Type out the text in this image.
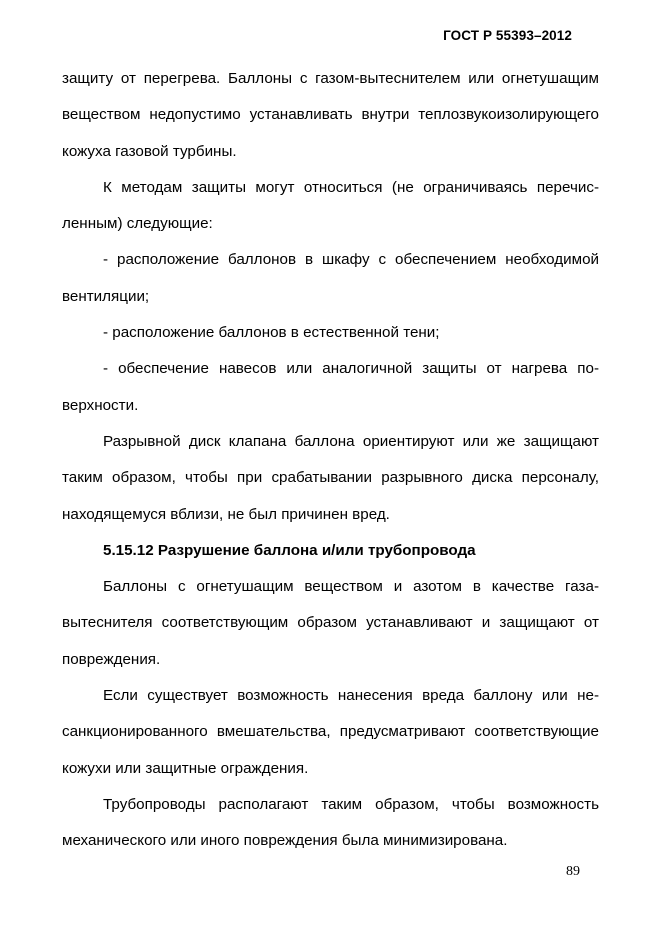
ГОСТ Р 55393–2012

защиту от перегрева. Баллоны с газом-вытеснителем или огнетушащим веществом недопустимо устанавливать внутри теплозвукоизолирующего кожуха газовой турбины.

К методам защиты могут относиться (не ограничиваясь перечисленным) следующие:

- расположение баллонов в шкафу с обеспечением необходимой вентиляции;

- расположение баллонов в естественной тени;

- обеспечение навесов или аналогичной защиты от нагрева поверхности.

Разрывной диск клапана баллона ориентируют или же защищают таким образом, чтобы при срабатывании разрывного диска персоналу, находящемуся вблизи, не был причинен вред.

5.15.12 Разрушение баллона и/или трубопровода

Баллоны с огнетушащим веществом и азотом в качестве газавытеснителя соответствующим образом устанавливают и защищают от повреждения.

Если существует возможность нанесения вреда баллону или несанкционированного вмешательства, предусматривают соответствующие кожухи или защитные ограждения.

Трубопроводы располагают таким образом, чтобы возможность механического или иного повреждения была минимизирована.

89
